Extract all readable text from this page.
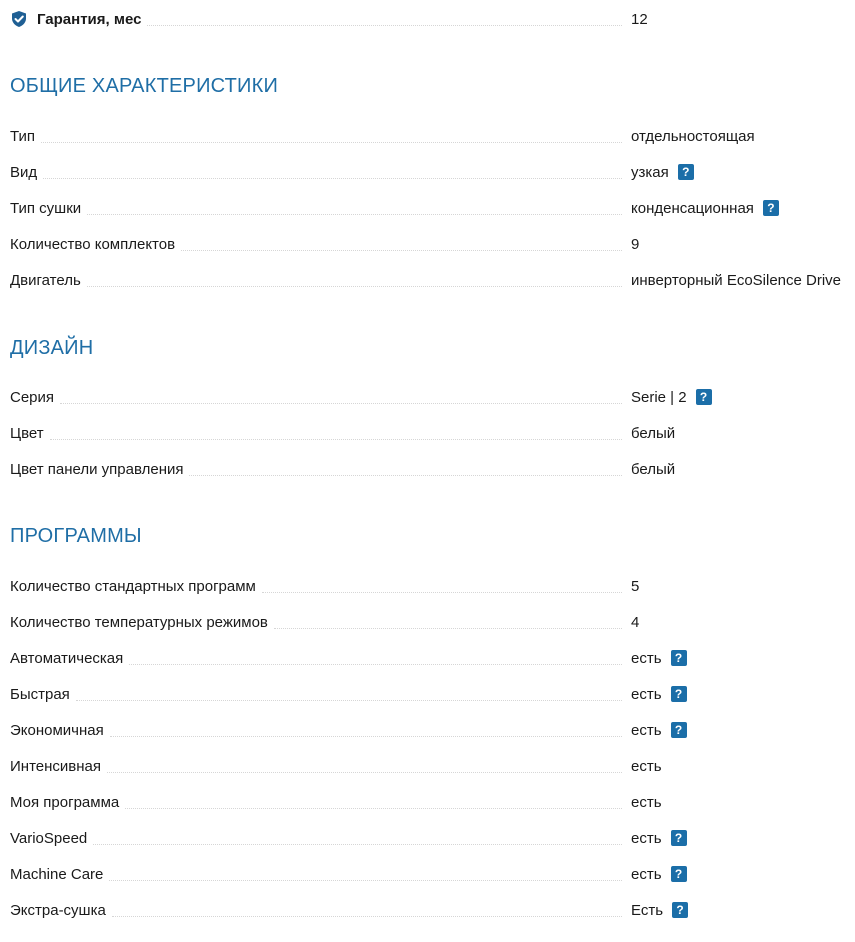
Гарантия, мес	12
ОБЩИЕ ХАРАКТЕРИСТИКИ
Тип	отдельностоящая
Вид	узкая	?
Тип сушки	конденсационная	?
Количество комплектов	9
Двигатель	инверторный EcoSilence Drive
ДИЗАЙН
Серия	Serie | 2	?
Цвет	белый
Цвет панели управления	белый
ПРОГРАММЫ
Количество стандартных программ	5
Количество температурных режимов	4
Автоматическая	есть	?
Быстрая	есть	?
Экономичная	есть	?
Интенсивная	есть
Моя программа	есть
VarioSpeed	есть	?
Machine Care	есть	?
Экстра-сушка	Есть	?
